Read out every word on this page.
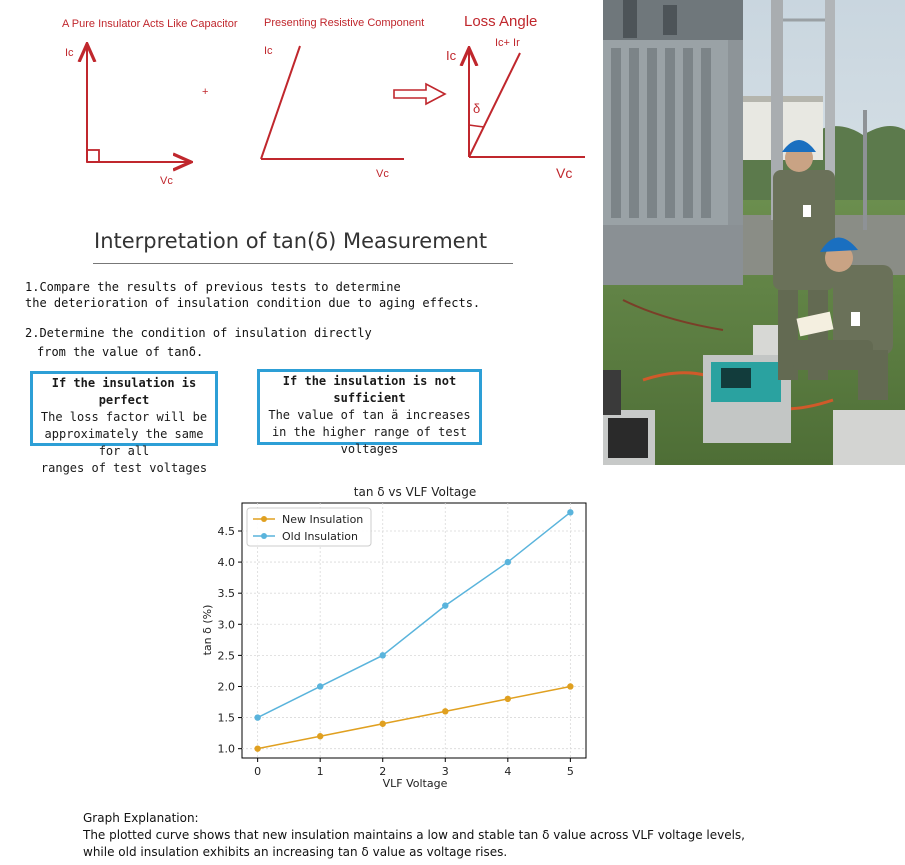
Ic
Vc
+
Ic
Vc
Ic
Ic+ Ir
δ
Vc
A Pure Insulator Acts Like Capacitor Presenting Resistive Component	Loss Angle
Interpretation of tan(δ) Measurement
1.Compare the results of previous tests to determine
the deterioration of insulation condition due to aging effects.
2.Determine the condition of insulation directly
from the value of tanδ.
If the insulation is perfect
The loss factor will be
approximately the same for all
ranges of test voltages
If the insulation is not sufficient
The value of tan ä increases
in the higher range of test
voltages
tan δ vs VLF Voltage
0	1	2	3	4	5
1.0
1.5
2.0
2.5
3.0
3.5
4.0
4.5
New Insulation
Old Insulation
VLF Voltage
tan δ (%)
Graph Explanation:
The plotted curve shows that new insulation maintains a low and stable tan δ value across VLF voltage levels,
while old insulation exhibits an increasing tan δ value as voltage rises.
